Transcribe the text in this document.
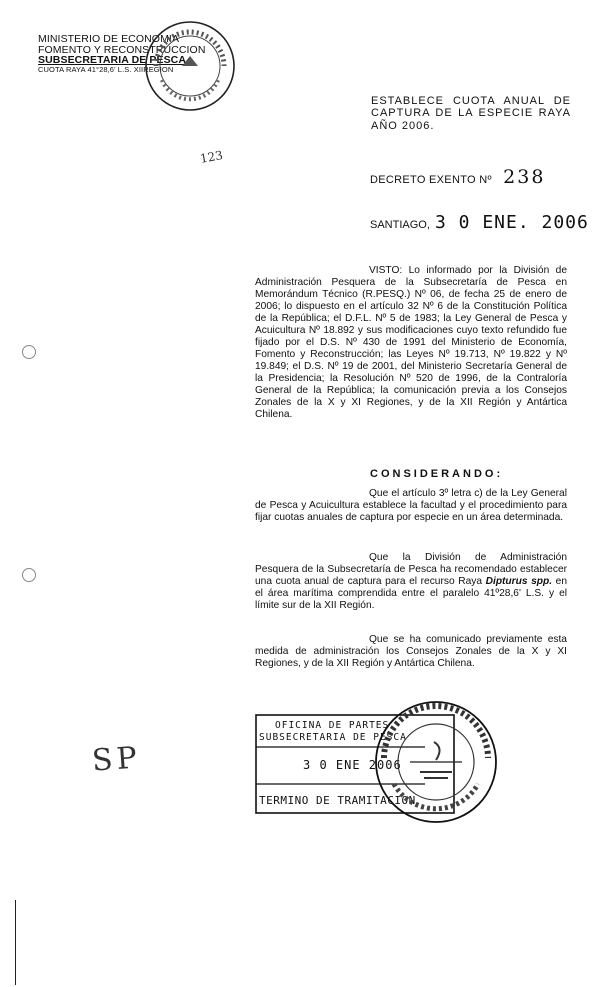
MINISTERIO DE ECONOMIA
FOMENTO Y RECONSTRUCCION
SUBSECRETARIA DE PESCA
CUOTA RAYA 41°28,6' L.S. XIIREGION
ESTABLECE CUOTA ANUAL DE CAPTURA DE LA ESPECIE RAYA AÑO 2006.
123
DECRETO EXENTO Nº 238
SANTIAGO, 3 0 ENE. 2006
VISTO: Lo informado por la División de Administración Pesquera de la Subsecretaría de Pesca en Memorándum Técnico (R.PESQ.) Nº 06, de fecha 25 de enero de 2006; lo dispuesto en el artículo 32 Nº 6 de la Constitución Política de la República; el D.F.L. Nº 5 de 1983; la Ley General de Pesca y Acuicultura Nº 18.892 y sus modificaciones cuyo texto refundido fue fijado por el D.S. Nº 430 de 1991 del Ministerio de Economía, Fomento y Reconstrucción; las Leyes Nº 19.713, Nº 19.822 y Nº 19.849; el D.S. Nº 19 de 2001, del Ministerio Secretaría General de la Presidencia; la Resolución Nº 520 de 1996, de la Contraloría General de la República; la comunicación previa a los Consejos Zonales de la X y XI Regiones, y de la XII Región y Antártica Chilena.
CONSIDERANDO:
Que el artículo 3º letra c) de la Ley General de Pesca y Acuicultura establece la facultad y el procedimiento para fijar cuotas anuales de captura por especie en un área determinada.
Que la División de Administración Pesquera de la Subsecretaría de Pesca ha recomendado establecer una cuota anual de captura para el recurso Raya Dipturus spp. en el área marítima comprendida entre el paralelo 41º28,6' L.S. y el límite sur de la XII Región.
Que se ha comunicado previamente esta medida de administración los Consejos Zonales de la X y XI Regiones, y de la XII Región y Antártica Chilena.
SP
OFICINA DE PARTES
SUBSECRETARIA DE PESCA
3 0 ENE 2006
TERMINO DE TRAMITACION
